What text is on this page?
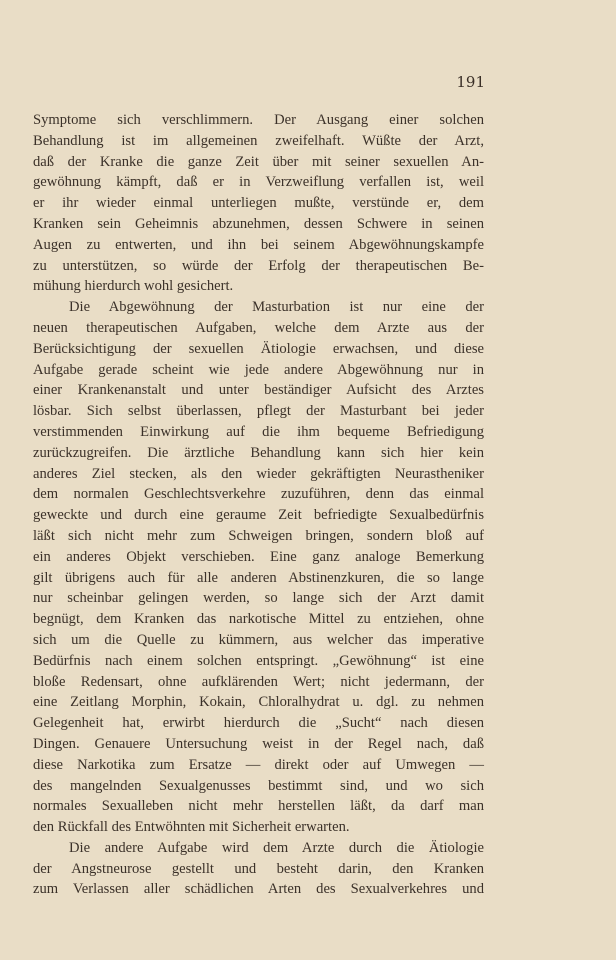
191
Symptome sich verschlimmern. Der Ausgang einer solchen
Behandlung ist im allgemeinen zweifelhaft. Wüßte der Arzt,
daß der Kranke die ganze Zeit über mit seiner sexuellen An-
gewöhnung kämpft, daß er in Verzweiflung verfallen ist, weil
er ihr wieder einmal unterliegen mußte, verstünde er, dem
Kranken sein Geheimnis abzunehmen, dessen Schwere in seinen
Augen zu entwerten, und ihn bei seinem Abgewöhnungskampfe
zu unterstützen, so würde der Erfolg der therapeutischen Be-
mühung hierdurch wohl gesichert.
Die Abgewöhnung der Masturbation ist nur eine der
neuen therapeutischen Aufgaben, welche dem Arzte aus der
Berücksichtigung der sexuellen Ätiologie erwachsen, und diese
Aufgabe gerade scheint wie jede andere Abgewöhnung nur in
einer Krankenanstalt und unter beständiger Aufsicht des Arztes
lösbar. Sich selbst überlassen, pflegt der Masturbant bei jeder
verstimmenden Einwirkung auf die ihm bequeme Befriedigung
zurückzugreifen. Die ärztliche Behandlung kann sich hier kein
anderes Ziel stecken, als den wieder gekräftigten Neurastheniker
dem normalen Geschlechtsverkehre zuzuführen, denn das einmal
geweckte und durch eine geraume Zeit befriedigte Sexualbedürfnis
läßt sich nicht mehr zum Schweigen bringen, sondern bloß auf
ein anderes Objekt verschieben. Eine ganz analoge Bemerkung
gilt übrigens auch für alle anderen Abstinenzkuren, die so lange
nur scheinbar gelingen werden, so lange sich der Arzt damit
begnügt, dem Kranken das narkotische Mittel zu entziehen, ohne
sich um die Quelle zu kümmern, aus welcher das imperative
Bedürfnis nach einem solchen entspringt. „Gewöhnung“ ist eine
bloße Redensart, ohne aufklärenden Wert; nicht jedermann, der
eine Zeitlang Morphin, Kokain, Chloralhydrat u. dgl. zu nehmen
Gelegenheit hat, erwirbt hierdurch die „Sucht“ nach diesen
Dingen. Genauere Untersuchung weist in der Regel nach, daß
diese Narkotika zum Ersatze — direkt oder auf Umwegen —
des mangelnden Sexualgenusses bestimmt sind, und wo sich
normales Sexualleben nicht mehr herstellen läßt, da darf man
den Rückfall des Entwöhnten mit Sicherheit erwarten.
Die andere Aufgabe wird dem Arzte durch die Ätiologie
der Angstneurose gestellt und besteht darin, den Kranken
zum Verlassen aller schädlichen Arten des Sexualverkehres und
